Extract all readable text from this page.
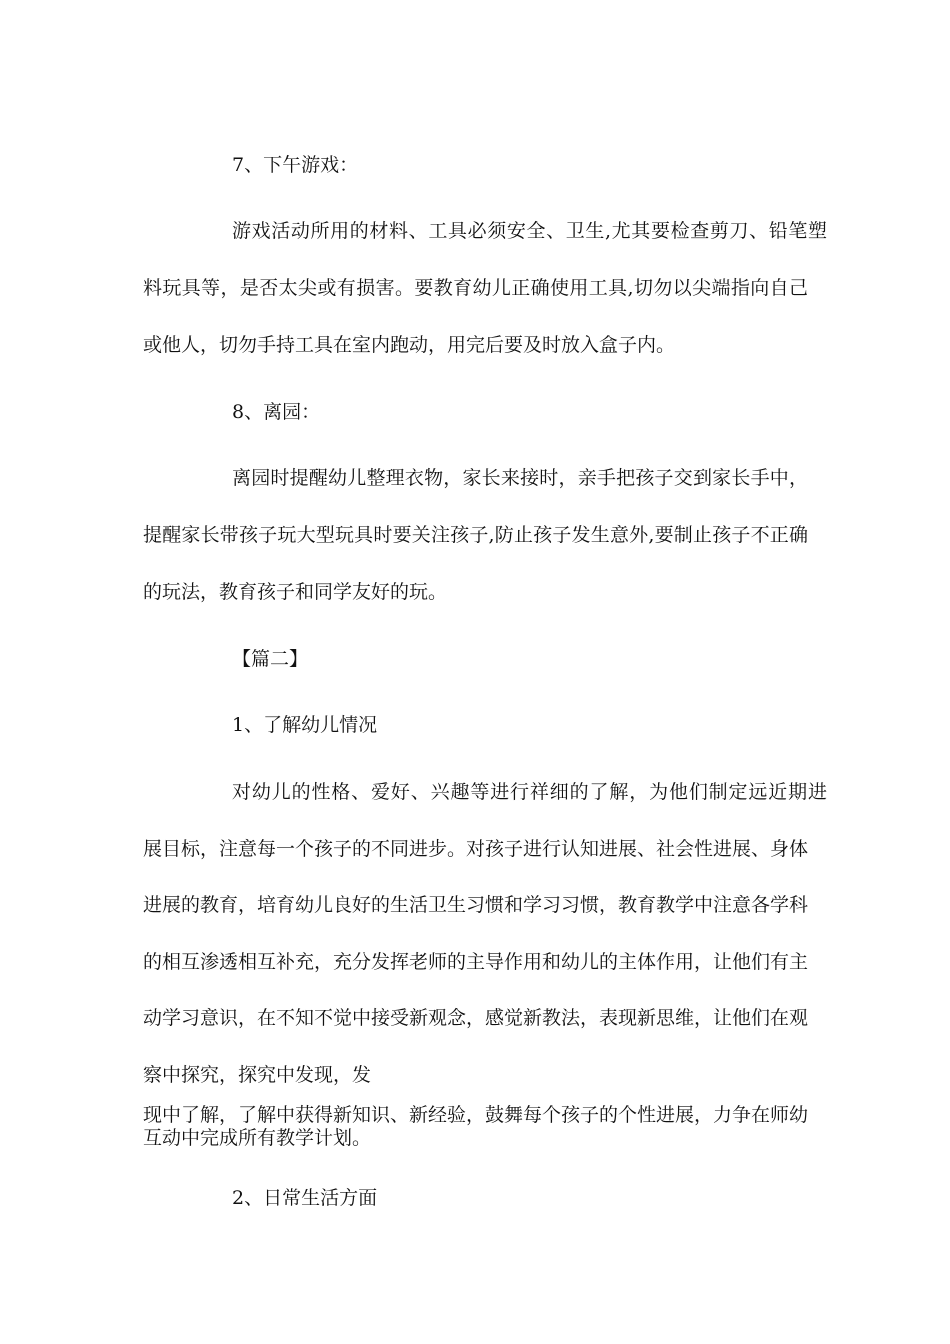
7、下午游戏：
游戏活动所用的材料、工具必须安全、卫生,尤其要检查剪刀、铅笔塑
料玩具等，是否太尖或有损害。要教育幼儿正确使用工具,切勿以尖端指向自己
或他人，切勿手持工具在室内跑动，用完后要及时放入盒子内。
8、离园：
离园时提醒幼儿整理衣物，家长来接时，亲手把孩子交到家长手中，
提醒家长带孩子玩大型玩具时要关注孩子,防止孩子发生意外,要制止孩子不正确
的玩法，教育孩子和同学友好的玩。
【篇二】
1、了解幼儿情况
对幼儿的性格、爱好、兴趣等进行祥细的了解，为他们制定远近期进
展目标，注意每一个孩子的不同进步。对孩子进行认知进展、社会性进展、身体
进展的教育，培育幼儿良好的生活卫生习惯和学习习惯，教育教学中注意各学科
的相互渗透相互补充，充分发挥老师的主导作用和幼儿的主体作用，让他们有主
动学习意识，在不知不觉中接受新观念，感觉新教法，表现新思维，让他们在观
察中探究，探究中发现，发
现中了解，了解中获得新知识、新经验，鼓舞每个孩子的个性进展，力争在师幼
互动中完成所有教学计划。
2、日常生活方面
